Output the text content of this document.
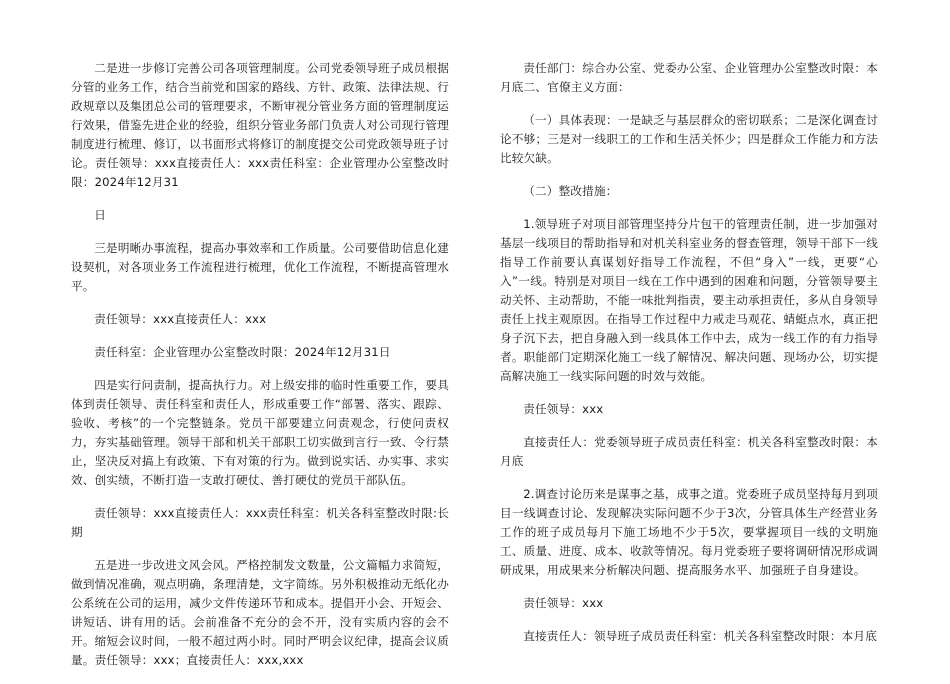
二是进一步修订完善公司各项管理制度。公司党委领导班子成员根据分管的业务工作，结合当前党和国家的路线、方针、政策、法律法规、行政规章以及集团总公司的管理要求，不断审视分管业务方面的管理制度运行效果，借鉴先进企业的经验，组织分管业务部门负责人对公司现行管理制度进行梳理、修订，以书面形式将修订的制度提交公司党政领导班子讨论。责任领导：xxx直接责任人：xxx责任科室：企业管理办公室整改时限：2024年12月31

日

三是明晰办事流程，提高办事效率和工作质量。公司要借助信息化建设契机，对各项业务工作流程进行梳理，优化工作流程，不断提高管理水平。

责任领导：xxx直接责任人：xxx

责任科室：企业管理办公室整改时限：2024年12月31日

四是实行问责制，提高执行力。对上级安排的临时性重要工作，要具体到责任领导、责任科室和责任人，形成重要工作“部署、落实、跟踪、验收、考核”的一个完整链条。党员干部要建立问责观念，行使问责权力，夯实基础管理。领导干部和机关干部职工切实做到言行一致、令行禁止，坚决反对搞上有政策、下有对策的行为。做到说实话、办实事、求实效、创实绩，不断打造一支敢打硬仗、善打硬仗的党员干部队伍。

责任领导：xxx直接责任人：xxx责任科室：机关各科室整改时限:长期

五是进一步改进文风会风。严格控制发文数量，公文篇幅力求简短，做到情况准确，观点明确，条理清楚，文字简练。另外积极推动无纸化办公系统在公司的运用，减少文件传递环节和成本。提倡开小会、开短会、讲短话、讲有用的话。会前准备不充分的会不开，没有实质内容的会不开。缩短会议时间，一般不超过两小时。同时严明会议纪律，提高会议质量。责任领导：xxx；直接责任人：xxx,xxx

责任部门：综合办公室、党委办公室、企业管理办公室整改时限：本月底二、官僚主义方面：

（一）具体表现：一是缺乏与基层群众的密切联系；二是深化调查讨论不够；三是对一线职工的工作和生活关怀少；四是群众工作能力和方法比较欠缺。

（二）整改措施：

1.领导班子对项目部管理坚持分片包干的管理责任制，进一步加强对基层一线项目的帮助指导和对机关科室业务的督查管理，领导干部下一线指导工作前要认真谋划好指导工作流程，不但“身入”一线，更要“心入”一线。特别是对项目一线在工作中遇到的困难和问题，分管领导要主动关怀、主动帮助，不能一味批判指责，要主动承担责任，多从自身领导责任上找主观原因。在指导工作过程中力戒走马观花、蜻蜓点水，真正把身子沉下去，把自身融入到一线具体工作中去，成为一线工作的有力指导者。职能部门定期深化施工一线了解情况、解决问题、现场办公，切实提高解决施工一线实际问题的时效与效能。

责任领导：xxx

直接责任人：党委领导班子成员责任科室：机关各科室整改时限：本月底

2.调查讨论历来是谋事之基，成事之道。党委班子成员坚持每月到项目一线调查讨论、发现解决实际问题不少于3次，分管具体生产经营业务工作的班子成员每月下施工场地不少于5次，要掌握项目一线的文明施工、质量、进度、成本、收款等情况。每月党委班子要将调研情况形成调研成果，用成果来分析解决问题、提高服务水平、加强班子自身建设。

责任领导：xxx

直接责任人：领导班子成员责任科室：机关各科室整改时限：本月底
